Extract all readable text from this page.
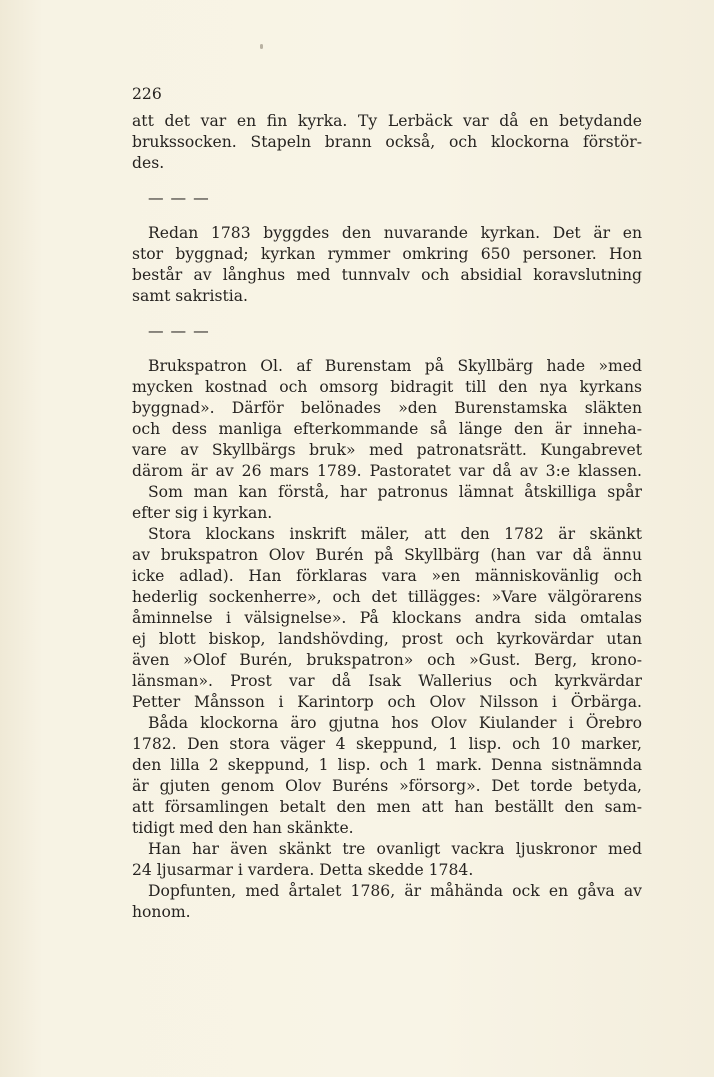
226
att det var en fin kyrka. Ty Lerbäck var då en betydande
brukssocken. Stapeln brann också, och klockorna förstör-
des.
— — —
Redan 1783 byggdes den nuvarande kyrkan. Det är en
stor byggnad; kyrkan rymmer omkring 650 personer. Hon
består av långhus med tunnvalv och absidial koravslutning
samt sakristia.
— — —
Brukspatron Ol. af Burenstam på Skyllbärg hade »med
mycken kostnad och omsorg bidragit till den nya kyrkans
byggnad». Därför belönades »den Burenstamska släkten
och dess manliga efterkommande så länge den är inneha-
vare av Skyllbärgs bruk» med patronatsrätt. Kungabrevet
därom är av 26 mars 1789. Pastoratet var då av 3:e klassen.
Som man kan förstå, har patronus lämnat åtskilliga spår
efter sig i kyrkan.
Stora klockans inskrift mäler, att den 1782 är skänkt
av brukspatron Olov Burén på Skyllbärg (han var då ännu
icke adlad). Han förklaras vara »en människovänlig och
hederlig sockenherre», och det tillägges: »Vare välgörarens
åminnelse i välsignelse». På klockans andra sida omtalas
ej blott biskop, landshövding, prost och kyrkovärdar utan
även »Olof Burén, brukspatron» och »Gust. Berg, krono-
länsman». Prost var då Isak Wallerius och kyrkvärdar
Petter Månsson i Karintorp och Olov Nilsson i Örbärga.
Båda klockorna äro gjutna hos Olov Kiulander i Örebro
1782. Den stora väger 4 skeppund, 1 lisp. och 10 marker,
den lilla 2 skeppund, 1 lisp. och 1 mark. Denna sistnämnda
är gjuten genom Olov Buréns »försorg». Det torde betyda,
att församlingen betalt den men att han beställt den sam-
tidigt med den han skänkte.
Han har även skänkt tre ovanligt vackra ljuskronor med
24 ljusarmar i vardera. Detta skedde 1784.
Dopfunten, med årtalet 1786, är måhända ock en gåva av
honom.
